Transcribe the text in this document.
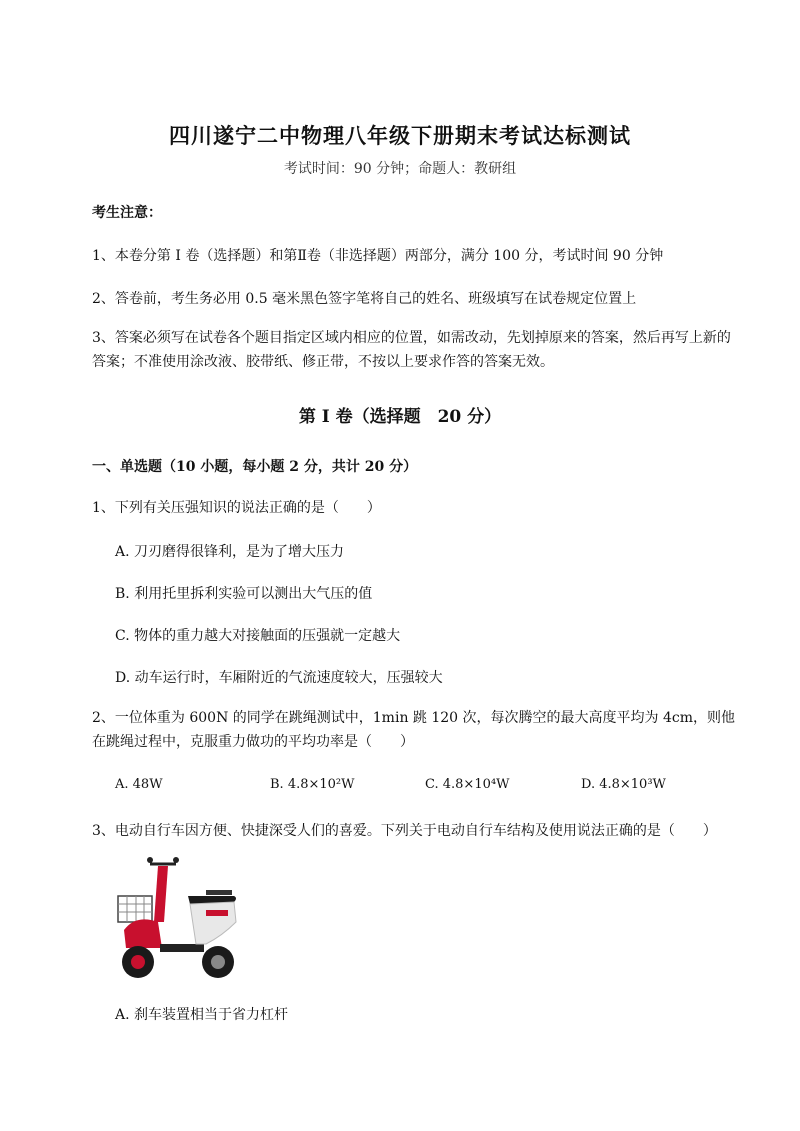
四川遂宁二中物理八年级下册期末考试达标测试
考试时间：90 分钟；命题人：教研组
考生注意：
1、本卷分第 I 卷（选择题）和第Ⅱ卷（非选择题）两部分，满分 100 分，考试时间 90 分钟
2、答卷前，考生务必用 0.5 毫米黑色签字笔将自己的姓名、班级填写在试卷规定位置上
3、答案必须写在试卷各个题目指定区域内相应的位置，如需改动，先划掉原来的答案，然后再写上新的答案；不准使用涂改液、胶带纸、修正带，不按以上要求作答的答案无效。
第 I 卷（选择题　20 分）
一、单选题（10 小题，每小题 2 分，共计 20 分）
1、下列有关压强知识的说法正确的是（　　）
A. 刀刃磨得很锋利，是为了增大压力
B. 利用托里拆利实验可以测出大气压的值
C. 物体的重力越大对接触面的压强就一定越大
D. 动车运行时，车厢附近的气流速度较大，压强较大
2、一位体重为 600N 的同学在跳绳测试中，1min 跳 120 次，每次腾空的最大高度平均为 4cm，则他在跳绳过程中，克服重力做功的平均功率是（　　）
A. 48W	B. 4.8×10²W	C. 4.8×10⁴W	D. 4.8×10³W
3、电动自行车因方便、快捷深受人们的喜爱。下列关于电动自行车结构及使用说法正确的是（　　）
A. 刹车装置相当于省力杠杆
